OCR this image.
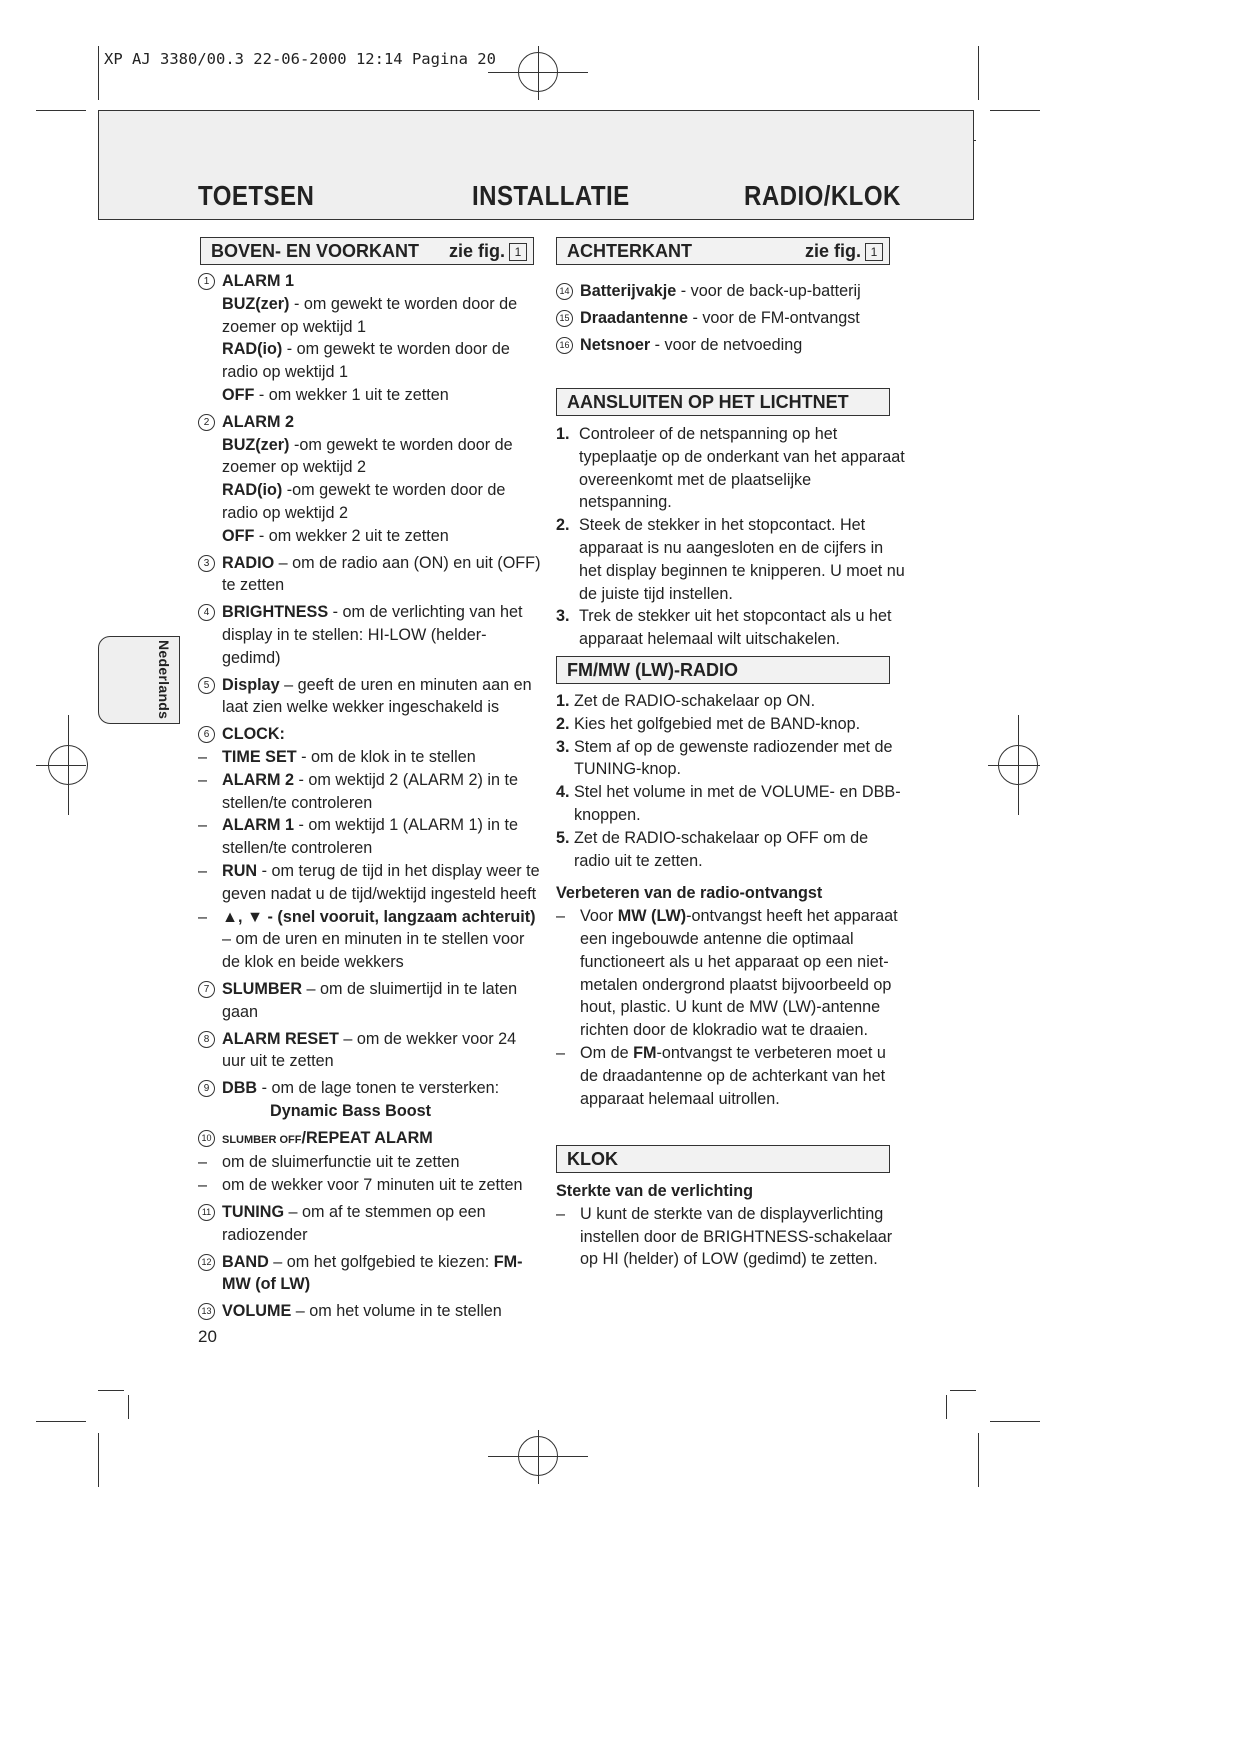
XP AJ 3380/00.3 22-06-2000 12:14 Pagina 20
TOETSEN	INSTALLATIE	RADIO/KLOK
Nederlands
BOVEN- EN VOORKANT zie fig. 1
1 ALARM 1
BUZ(zer) - om gewekt te worden door de zoemer op wektijd 1
RAD(io) - om gewekt te worden door de radio op wektijd 1
OFF - om wekker 1 uit te zetten
2 ALARM 2
BUZ(zer) -om gewekt te worden door de zoemer op wektijd 2
RAD(io) -om gewekt te worden door de radio op wektijd 2
OFF - om wekker 2 uit te zetten
3 RADIO – om de radio aan (ON) en uit (OFF) te zetten
4 BRIGHTNESS - om de verlichting van het display in te stellen: HI-LOW (helder-gedimd)
5 Display – geeft de uren en minuten aan en laat zien welke wekker ingeschakeld is
6 CLOCK:
– TIME SET - om de klok in te stellen
– ALARM 2 - om wektijd 2 (ALARM 2) in te stellen/te controleren
– ALARM 1 - om wektijd 1 (ALARM 1) in te stellen/te controleren
– RUN - om terug de tijd in het display weer te geven nadat u de tijd/wektijd ingesteld heeft
– ▲, ▼ - (snel vooruit, langzaam achteruit) – om de uren en minuten in te stellen voor de klok en beide wekkers
7 SLUMBER – om de sluimertijd in te laten gaan
8 ALARM RESET – om de wekker voor 24 uur uit te zetten
9 DBB - om de lage tonen te versterken:
Dynamic Bass Boost
10 SLUMBER OFF/REPEAT ALARM
– om de sluimerfunctie uit te zetten
– om de wekker voor 7 minuten uit te zetten
11 TUNING – om af te stemmen op een radiozender
12 BAND – om het golfgebied te kiezen: FM-MW (of LW)
13 VOLUME – om het volume in te stellen
20
ACHTERKANT	zie fig. 1
14 Batterijvakje - voor de back-up-batterij
15 Draadantenne - voor de FM-ontvangst
16 Netsnoer - voor de netvoeding
AANSLUITEN OP HET LICHTNET
1. Controleer of de netspanning op het typeplaatje op de onderkant van het apparaat overeenkomt met de plaatselijke netspanning.
2. Steek de stekker in het stopcontact. Het apparaat is nu aangesloten en de cijfers in het display beginnen te knipperen. U moet nu de juiste tijd instellen.
3. Trek de stekker uit het stopcontact als u het apparaat helemaal wilt uitschakelen.
FM/MW (LW)-RADIO
1. Zet de RADIO-schakelaar op ON.
2. Kies het golfgebied met de BAND-knop.
3. Stem af op de gewenste radiozender met de TUNING-knop.
4. Stel het volume in met de VOLUME- en DBB-knoppen.
5. Zet de RADIO-schakelaar op OFF om de radio uit te zetten.
Verbeteren van de radio-ontvangst
– Voor MW (LW)-ontvangst heeft het apparaat een ingebouwde antenne die optimaal functioneert als u het apparaat op een niet-metalen ondergrond plaatst bijvoorbeeld op hout, plastic. U kunt de MW (LW)-antenne richten door de klokradio wat te draaien.
– Om de FM-ontvangst te verbeteren moet u de draadantenne op de achterkant van het apparaat helemaal uitrollen.
KLOK
Sterkte van de verlichting
– U kunt de sterkte van de displayverlichting instellen door de BRIGHTNESS-schakelaar op HI (helder) of LOW (gedimd) te zetten.
